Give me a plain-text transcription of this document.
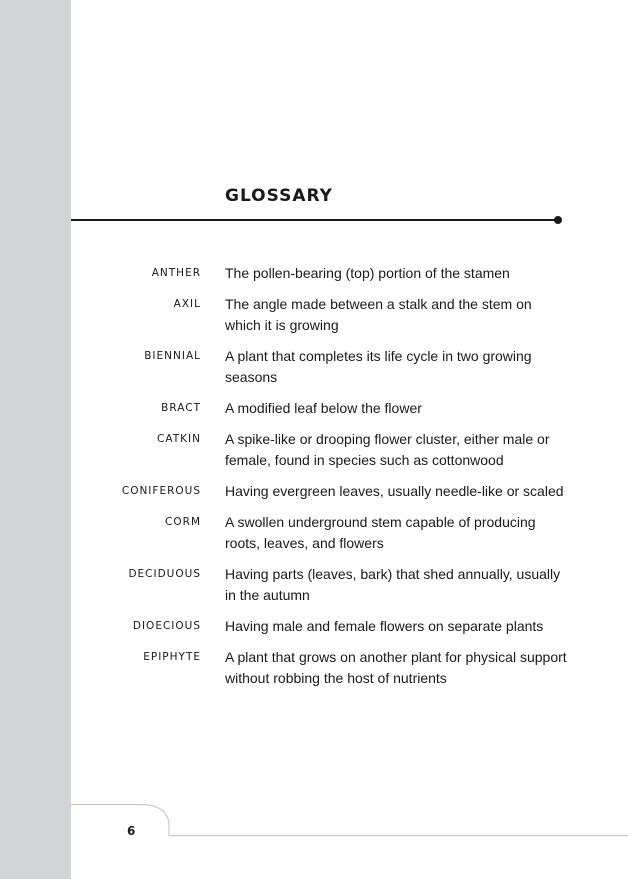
GLOSSARY
ANTHER The pollen-bearing (top) portion of the stamen
AXIL The angle made between a stalk and the stem on which it is growing
BIENNIAL A plant that completes its life cycle in two growing seasons
BRACT A modified leaf below the flower
CATKIN A spike-like or drooping flower cluster, either male or female, found in species such as cottonwood
CONIFEROUS Having evergreen leaves, usually needle-like or scaled
CORM A swollen underground stem capable of producing roots, leaves, and flowers
DECIDUOUS Having parts (leaves, bark) that shed annually, usually in the autumn
DIOECIOUS Having male and female flowers on separate plants
EPIPHYTE A plant that grows on another plant for physical support without robbing the host of nutrients
6
